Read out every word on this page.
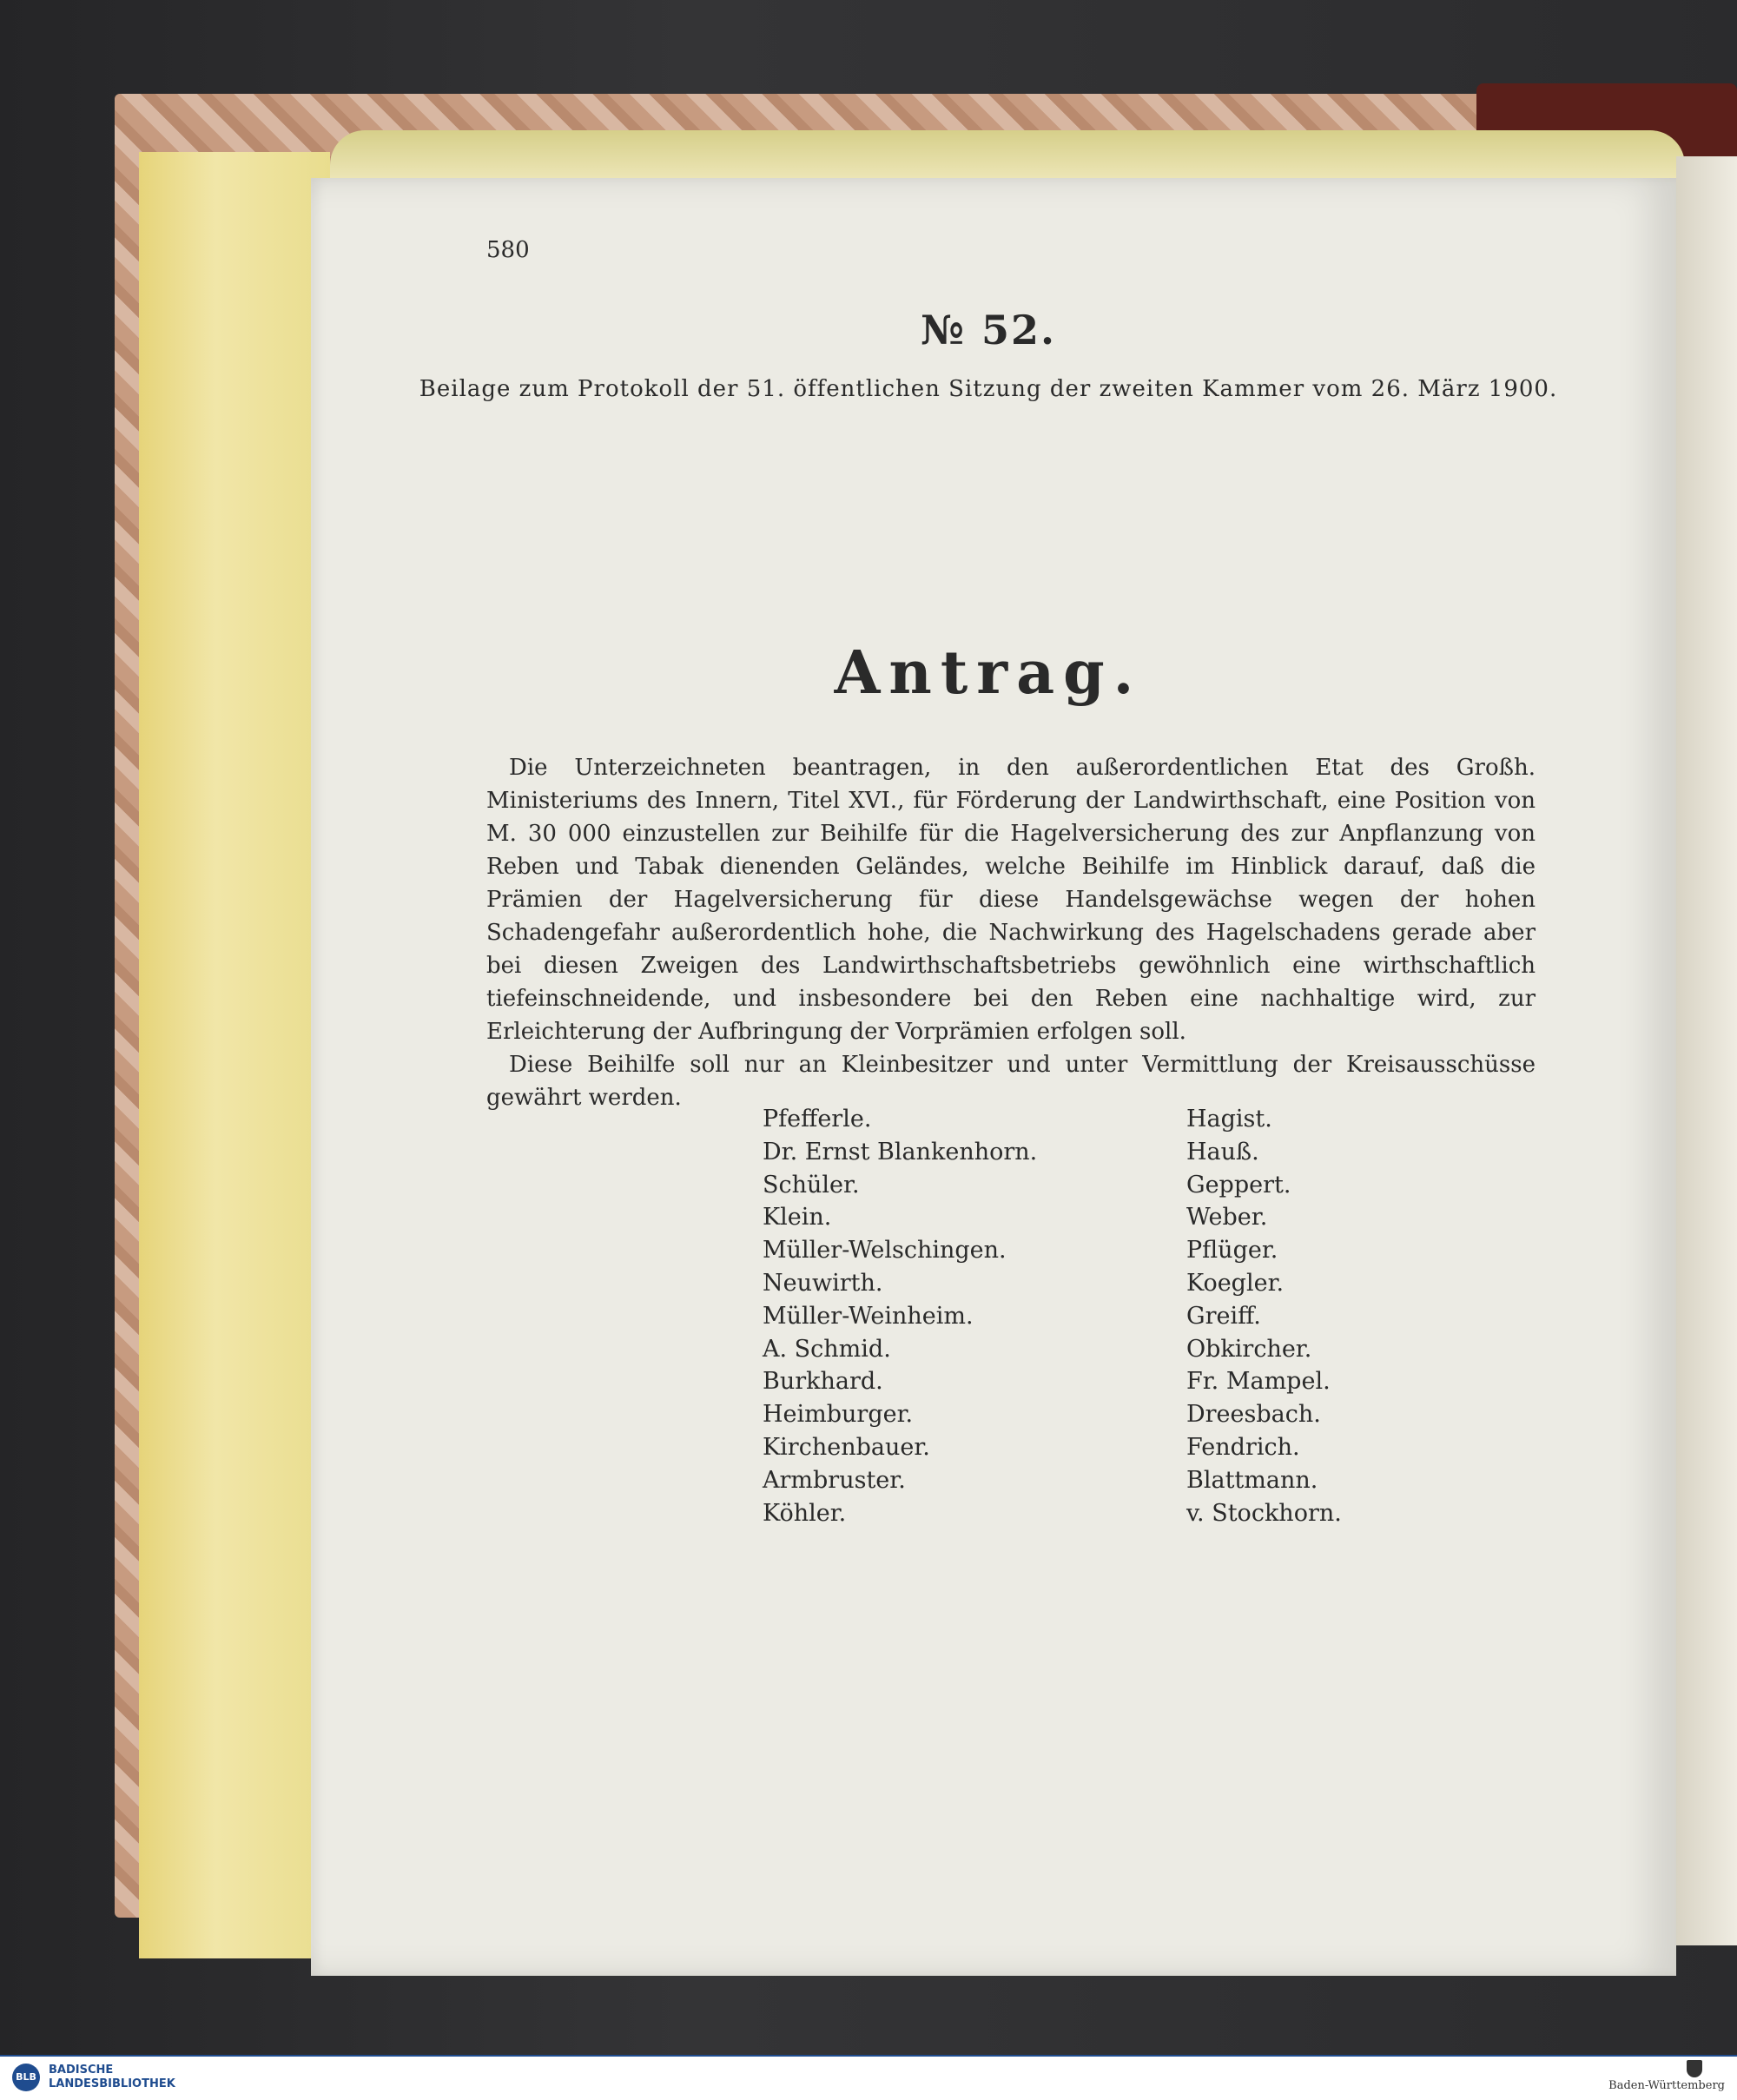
580
№ 52.
Beilage zum Protokoll der 51. öffentlichen Sitzung der zweiten Kammer vom 26. März 1900.
Antrag.

Die Unterzeichneten beantragen, in den außerordentlichen Etat des Großh. Ministeriums des Innern, Titel XVI., für Förderung der Landwirthschaft, eine Position von M. 30 000 einzustellen zur Beihilfe für die Hagelversicherung des zur Anpflanzung von Reben und Tabak dienenden Geländes, welche Beihilfe im Hinblick darauf, daß die Prämien der Hagelversicherung für diese Handelsgewächse wegen der hohen Schadengefahr außerordentlich hohe, die Nachwirkung des Hagelschadens gerade aber bei diesen Zweigen des Landwirthschaftsbetriebs gewöhnlich eine wirthschaftlich tiefeinschneidende, und insbesondere bei den Reben eine nachhaltige wird, zur Erleichterung der Aufbringung der Vorprämien erfolgen soll.

Diese Beihilfe soll nur an Kleinbesitzer und unter Vermittlung der Kreisausschüsse gewährt werden.

Pfefferle.
Dr. Ernst Blankenhorn.
Schüler.
Klein.
Müller-Welschingen.
Neuwirth.
Müller-Weinheim.
A. Schmid.
Burkhard.
Heimburger.
Kirchenbauer.
Armbruster.
Köhler.
Hagist.
Hauß.
Geppert.
Weber.
Pflüger.
Koegler.
Greiff.
Obkircher.
Fr. Mampel.
Dreesbach.
Fendrich.
Blattmann.
v. Stockhorn.
BLB
BADISCHE
LANDESBIBLIOTHEK	Baden-Württemberg
